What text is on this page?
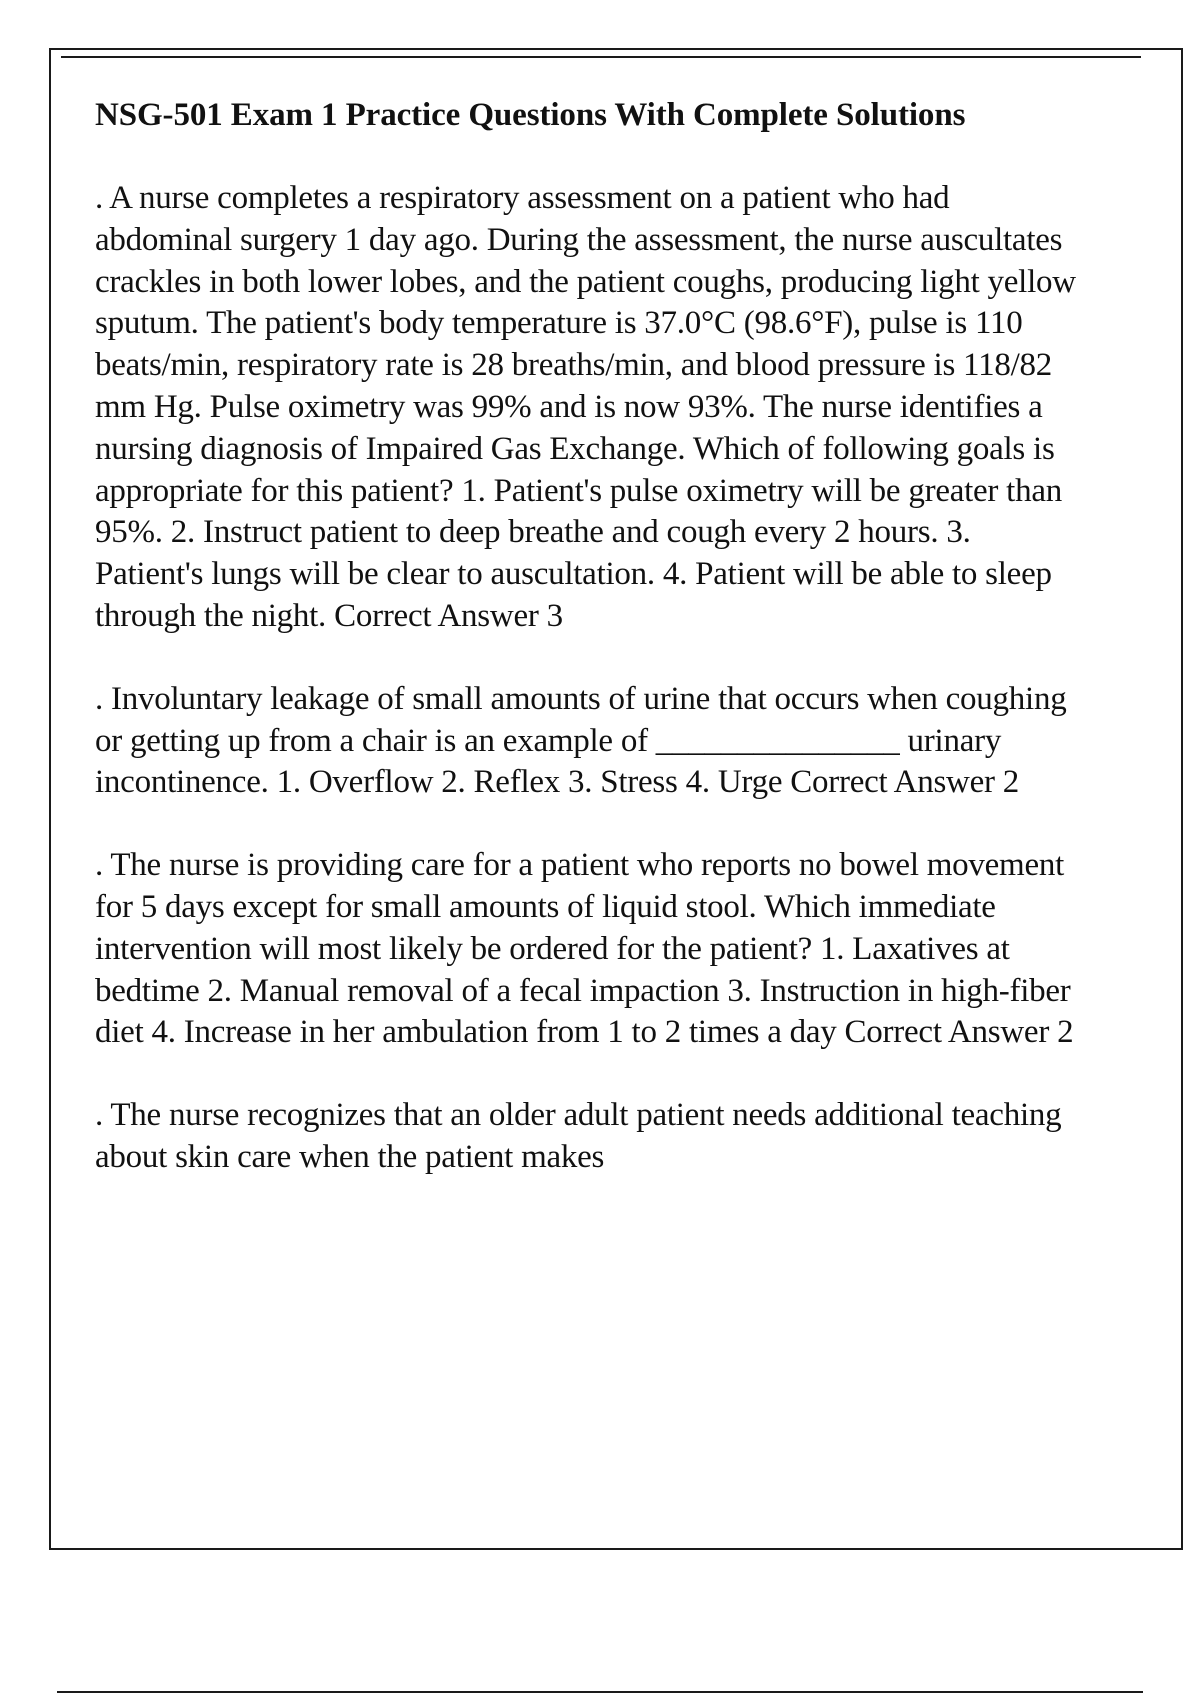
NSG-501 Exam 1 Practice Questions With Complete Solutions
. A nurse completes a respiratory assessment on a patient who had abdominal surgery 1 day ago. During the assessment, the nurse auscultates crackles in both lower lobes, and the patient coughs, producing light yellow sputum. The patient's body temperature is 37.0°C (98.6°F), pulse is 110 beats/min, respiratory rate is 28 breaths/min, and blood pressure is 118/82 mm Hg. Pulse oximetry was 99% and is now 93%. The nurse identifies a nursing diagnosis of Impaired Gas Exchange. Which of following goals is appropriate for this patient? 1. Patient's pulse oximetry will be greater than 95%. 2. Instruct patient to deep breathe and cough every 2 hours. 3. Patient's lungs will be clear to auscultation. 4. Patient will be able to sleep through the night. Correct Answer 3
. Involuntary leakage of small amounts of urine that occurs when coughing or getting up from a chair is an example of _______________ urinary incontinence. 1. Overflow 2. Reflex 3. Stress 4. Urge Correct Answer 2
. The nurse is providing care for a patient who reports no bowel movement for 5 days except for small amounts of liquid stool. Which immediate intervention will most likely be ordered for the patient? 1. Laxatives at bedtime 2. Manual removal of a fecal impaction 3. Instruction in high-fiber diet 4. Increase in her ambulation from 1 to 2 times a day Correct Answer 2
. The nurse recognizes that an older adult patient needs additional teaching about skin care when the patient makes
